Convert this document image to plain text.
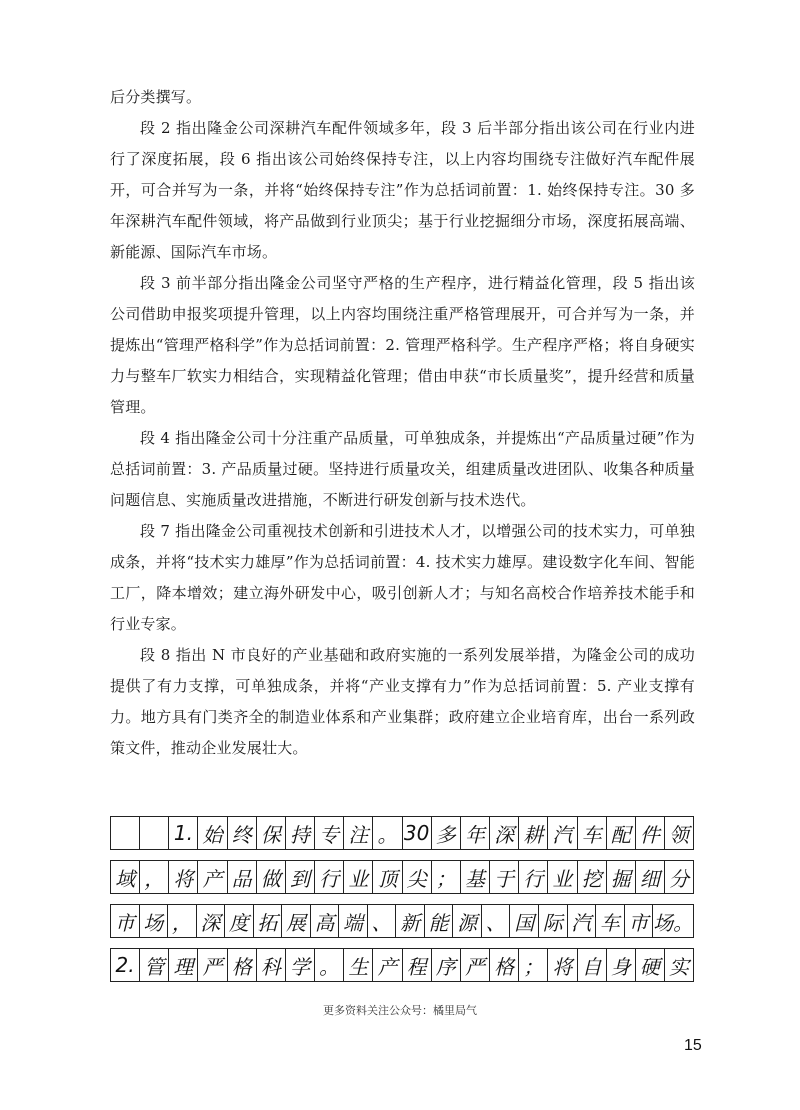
后分类撰写。

段 2 指出隆金公司深耕汽车配件领域多年，段 3 后半部分指出该公司在行业内进行了深度拓展，段 6 指出该公司始终保持专注，以上内容均围绕专注做好汽车配件展开，可合并写为一条，并将“始终保持专注”作为总括词前置：1. 始终保持专注。30 多年深耕汽车配件领域，将产品做到行业顶尖；基于行业挖掘细分市场，深度拓展高端、新能源、国际汽车市场。

段 3 前半部分指出隆金公司坚守严格的生产程序，进行精益化管理，段 5 指出该公司借助申报奖项提升管理，以上内容均围绕注重严格管理展开，可合并写为一条，并提炼出“管理严格科学”作为总括词前置：2. 管理严格科学。生产程序严格；将自身硬实力与整车厂软实力相结合，实现精益化管理；借由申获“市长质量奖”，提升经营和质量管理。

段 4 指出隆金公司十分注重产品质量，可单独成条，并提炼出“产品质量过硬”作为总括词前置：3. 产品质量过硬。坚持进行质量攻关，组建质量改进团队、收集各种质量问题信息、实施质量改进措施，不断进行研发创新与技术迭代。

段 7 指出隆金公司重视技术创新和引进技术人才，以增强公司的技术实力，可单独成条，并将“技术实力雄厚”作为总括词前置：4. 技术实力雄厚。建设数字化车间、智能工厂，降本增效；建立海外研发中心，吸引创新人才；与知名高校合作培养技术能手和行业专家。

段 8 指出 N 市良好的产业基础和政府实施的一系列发展举措，为隆金公司的成功提供了有力支撑，可单独成条，并将“产业支撑有力”作为总括词前置：5. 产业支撑有力。地方具有门类齐全的制造业体系和产业集群；政府建立企业培育库，出台一系列政策文件，推动企业发展壮大。

1. 始 终 保 持 专 注 。 30 多 年 深 耕 汽 车 配 件 领
域 ， 将 产 品 做 到 行 业 顶 尖 ； 基 于 行 业 挖 掘 细 分
市 场 ， 深 度 拓 展 高 端 、 新 能 源 、 国 际 汽 车 市 场。
2. 管 理 严 格 科 学 。 生 产 程 序 严 格 ； 将 自 身 硬 实
更多资料关注公众号：橘里局气
15
